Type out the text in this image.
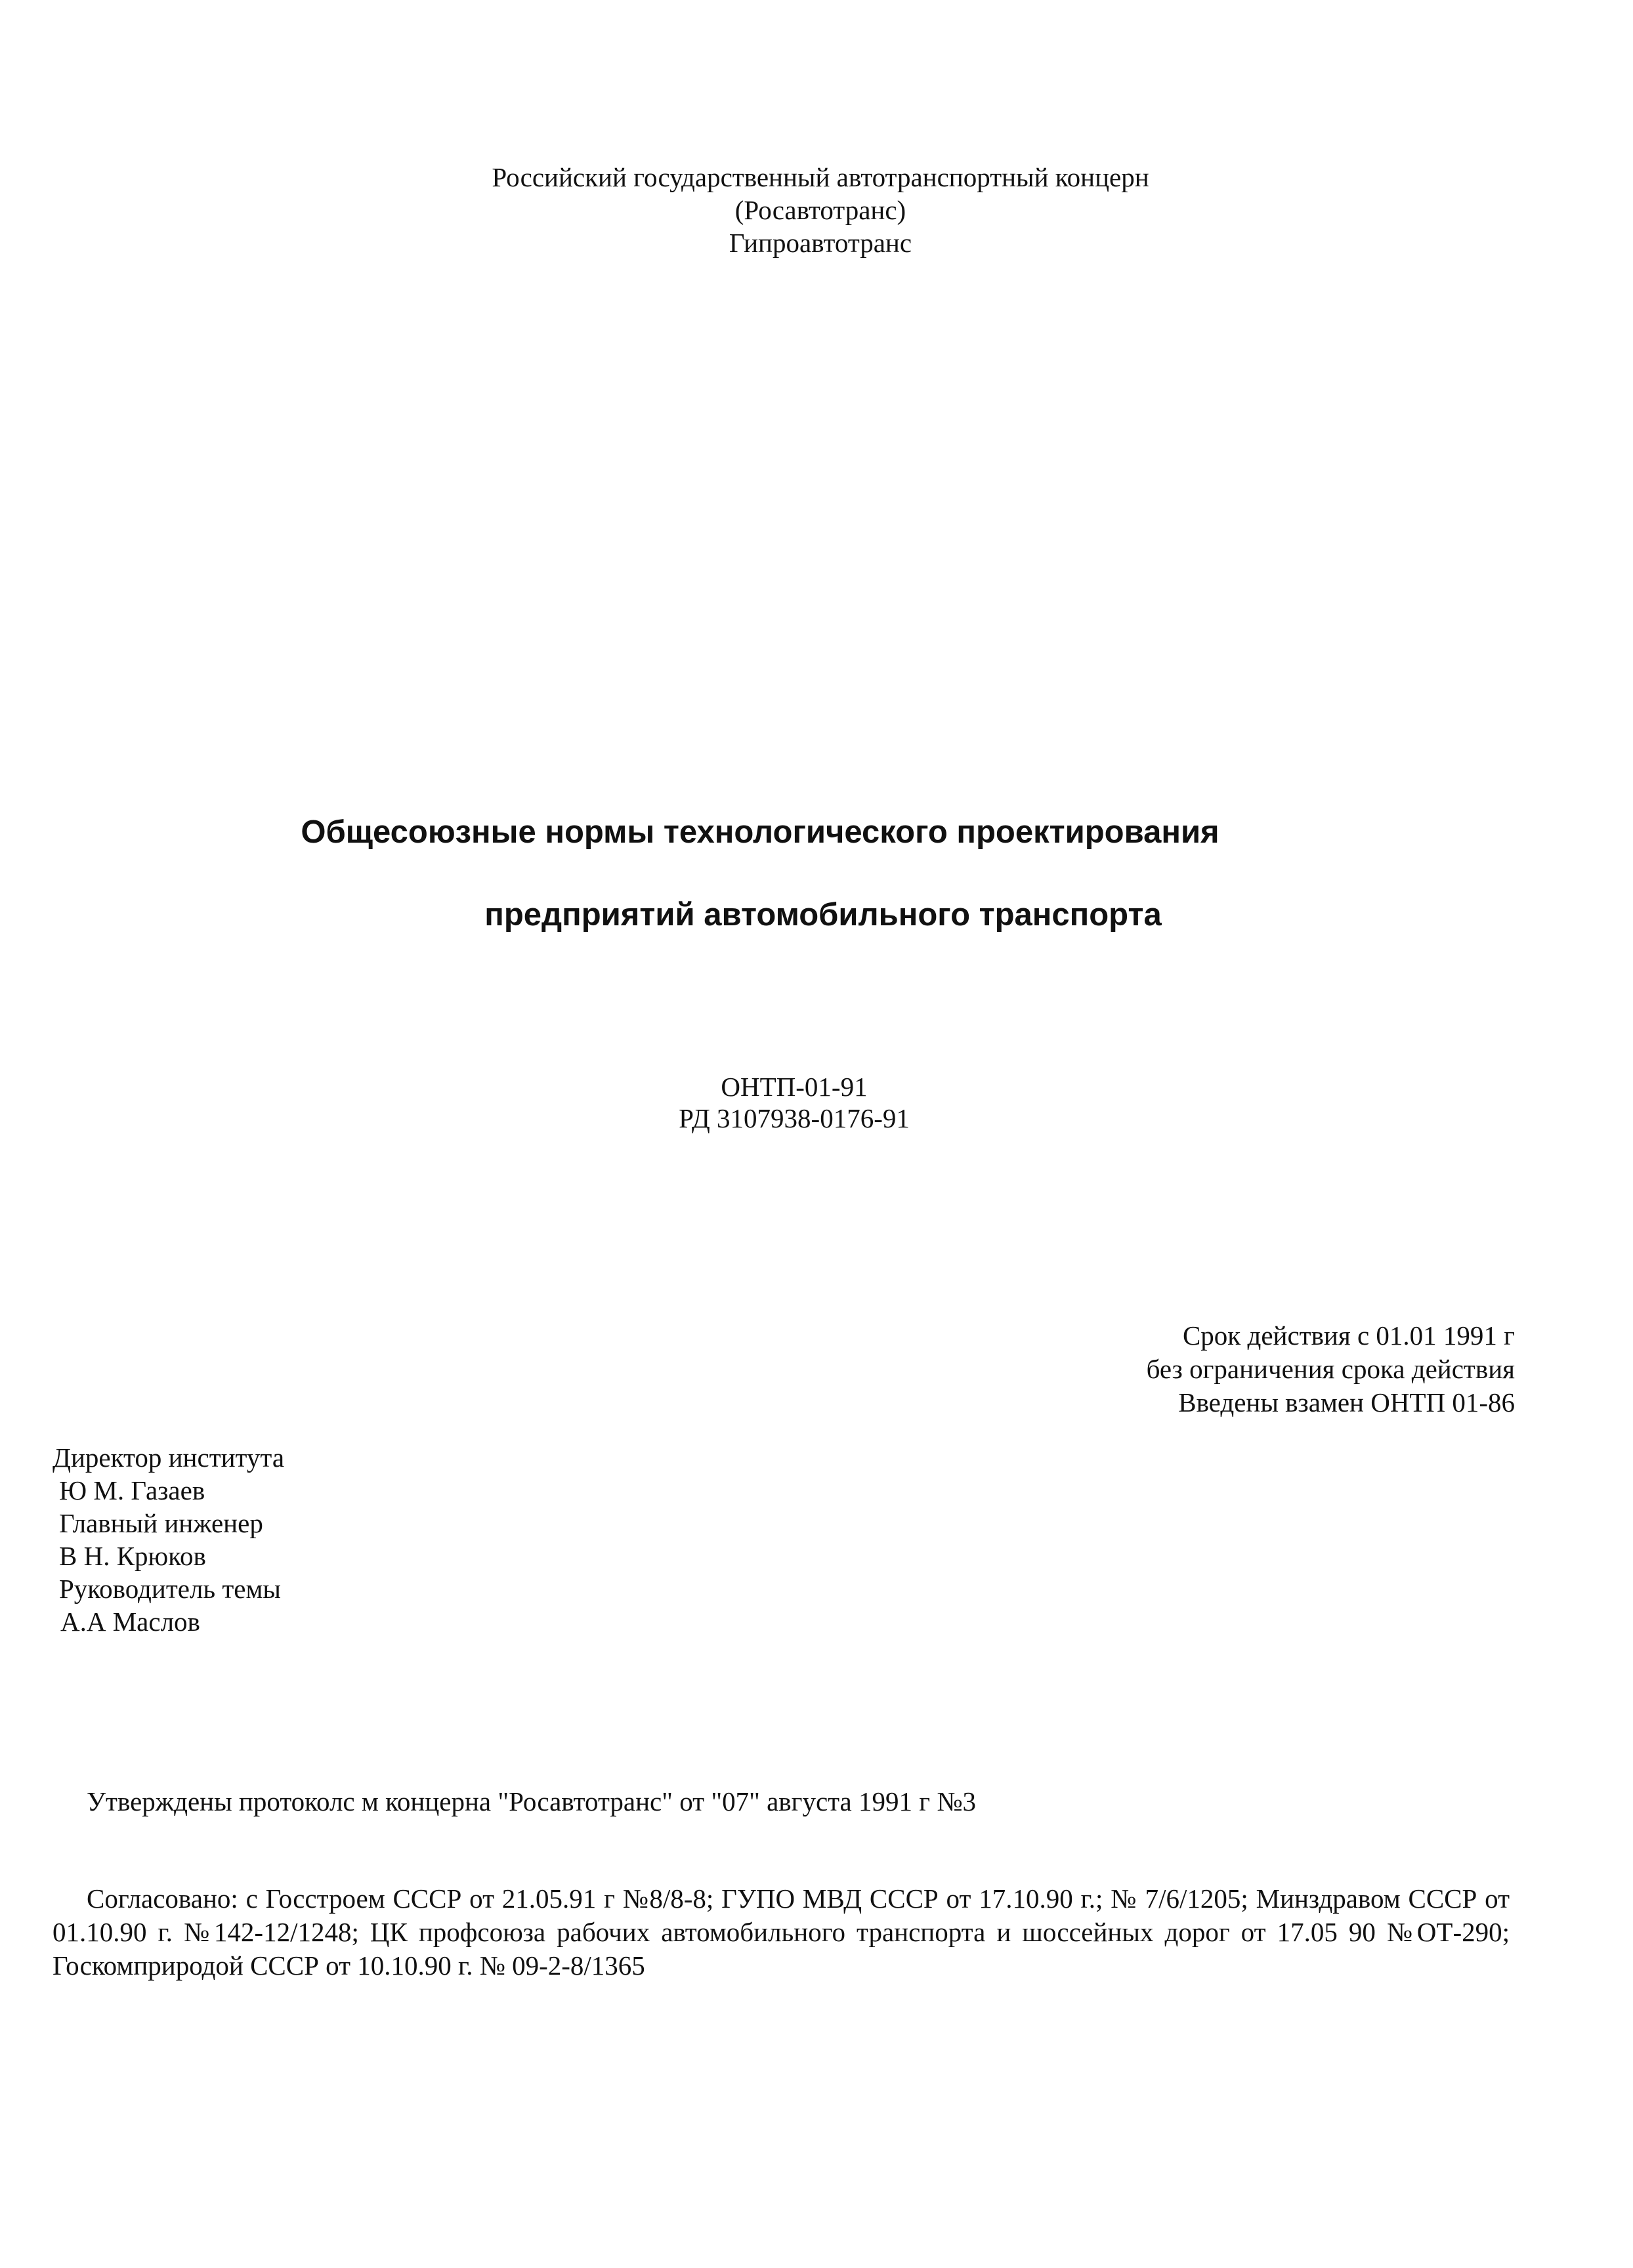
Российский государственный автотранспортный концерн
(Росавтотранс)
Гипроавтотранс
Общесоюзные нормы технологического проектирования
предприятий автомобильного транспорта
ОНТП-01-91
РД 3107938-0176-91
Срок действия с 01.01 1991 г
без ограничения срока действия
Введены взамен ОНТП 01-86
Директор института
Ю М. Газаев
Главный инженер
В Н. Крюков
Руководитель темы
А.А Маслов
Утверждены протоколс м концерна "Росавтотранс" от "07" августа 1991 г №3
Согласовано: с Госстроем СССР от 21.05.91 г №8/8-8; ГУПО МВД СССР от 17.10.90 г.; № 7/6/1205; Минздравом СССР от 01.10.90 г. №142-12/1248; ЦК профсоюза рабочих автомобильного транспорта и шоссейных дорог от 17.05 90 №ОТ-290; Госкомприродой СССР от 10.10.90 г. № 09-2-8/1365
